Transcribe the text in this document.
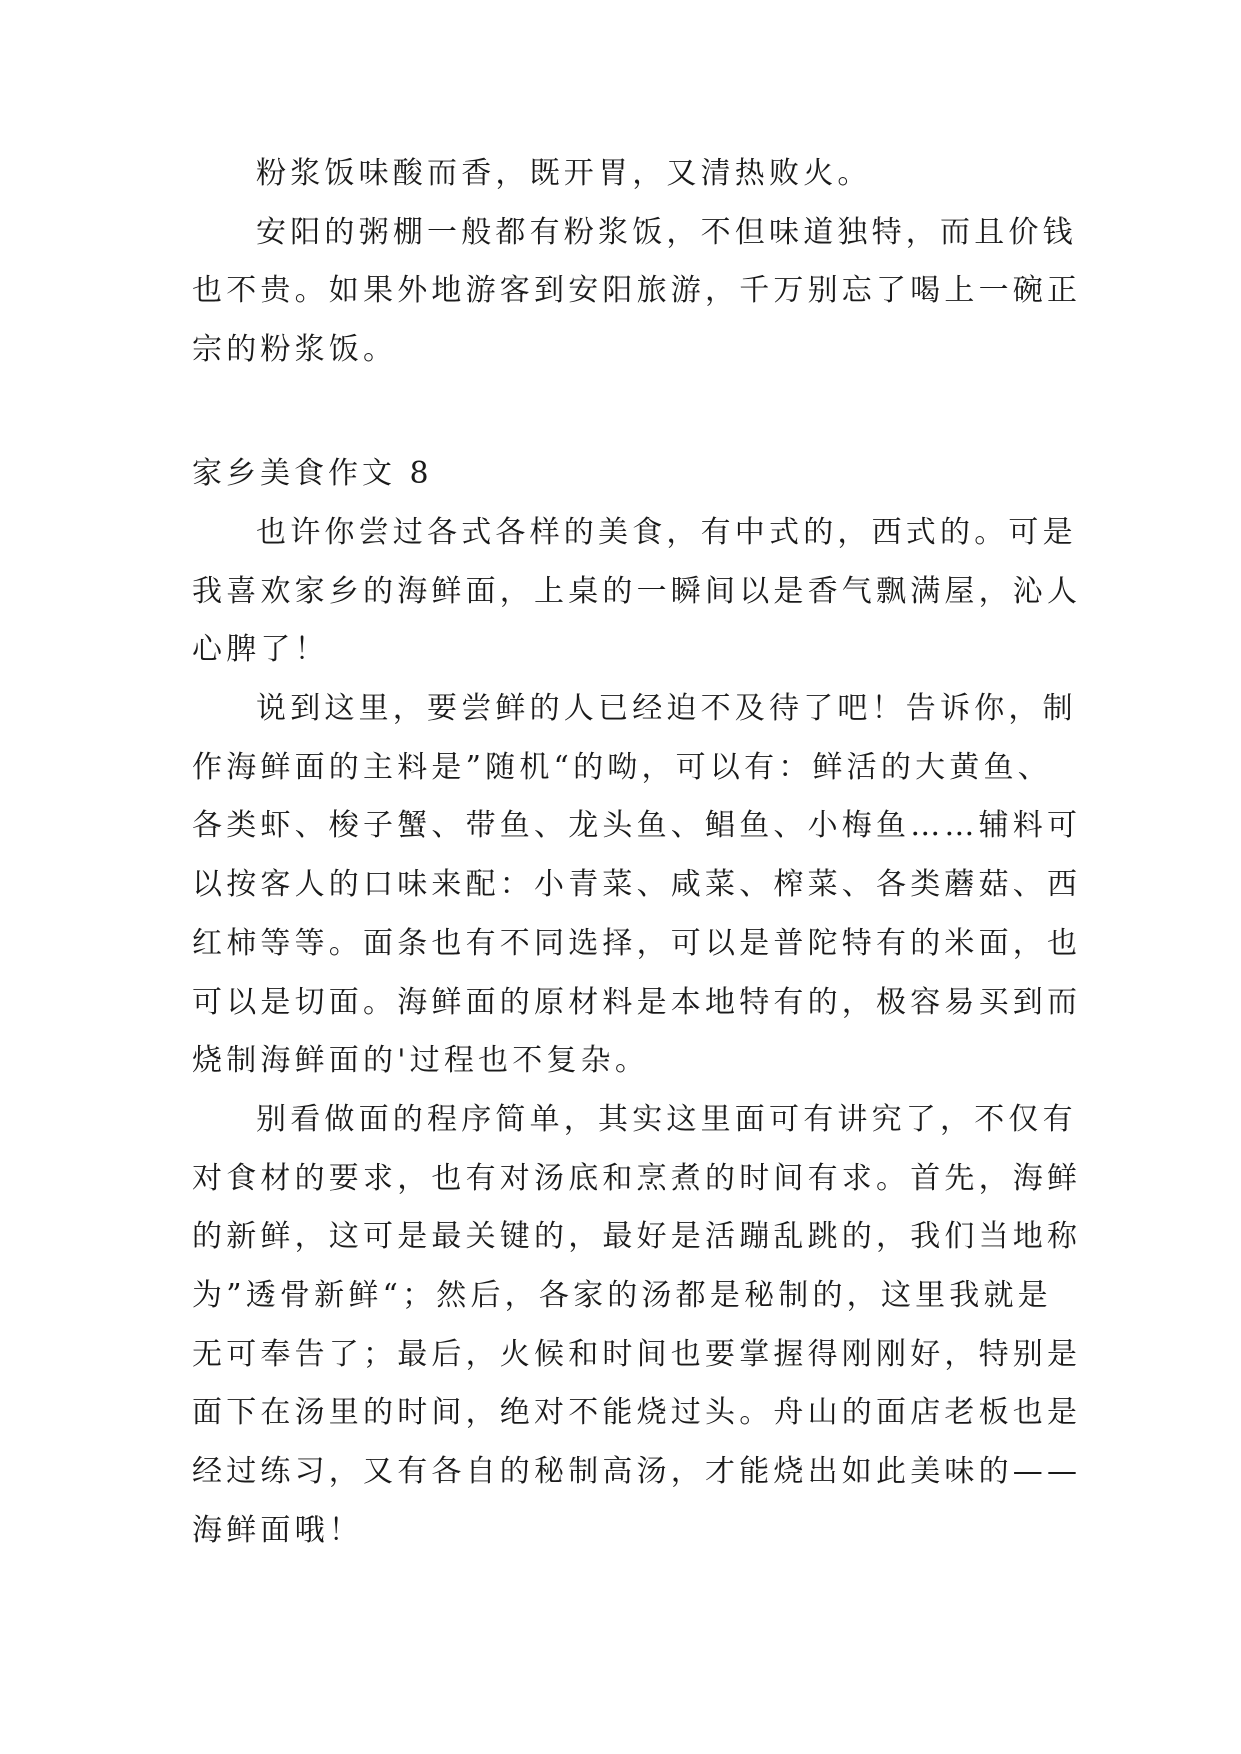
粉浆饭味酸而香，既开胃，又清热败火。
安阳的粥棚一般都有粉浆饭，不但味道独特，而且价钱
也不贵。如果外地游客到安阳旅游，千万别忘了喝上一碗正
宗的粉浆饭。
家乡美食作文 8
也许你尝过各式各样的美食，有中式的，西式的。可是
我喜欢家乡的海鲜面，上桌的一瞬间以是香气飘满屋，沁人
心脾了！
说到这里，要尝鲜的人已经迫不及待了吧！告诉你，制
作海鲜面的主料是”随机“的呦，可以有：鲜活的大黄鱼、
各类虾、梭子蟹、带鱼、龙头鱼、鲳鱼、小梅鱼……辅料可
以按客人的口味来配：小青菜、咸菜、榨菜、各类蘑菇、西
红柿等等。面条也有不同选择，可以是普陀特有的米面，也
可以是切面。海鲜面的原材料是本地特有的，极容易买到而
烧制海鲜面的'过程也不复杂。
别看做面的程序简单，其实这里面可有讲究了，不仅有
对食材的要求，也有对汤底和烹煮的时间有求。首先，海鲜
的新鲜，这可是最关键的，最好是活蹦乱跳的，我们当地称
为”透骨新鲜“；然后，各家的汤都是秘制的，这里我就是
无可奉告了；最后，火候和时间也要掌握得刚刚好，特别是
面下在汤里的时间，绝对不能烧过头。舟山的面店老板也是
经过练习，又有各自的秘制高汤，才能烧出如此美味的——
海鲜面哦！
